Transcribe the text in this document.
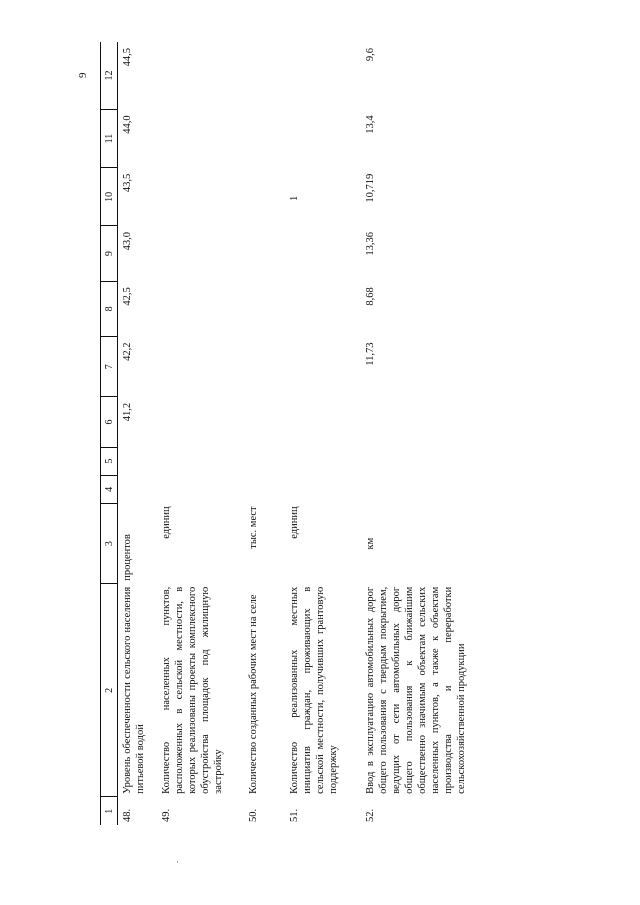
9
·
1	2	3	4	5	6	7	8	9	10	11	12
48.	Уровень обеспеченности сельского населения питьевой водой	процентов			41,2	42,2	42,5	43,0	43,5	44,0	44,5
49.	Количество населенных пунктов, расположенных в сельской местности, в которых реализованы проекты комплексного обустройства площадок под жилищную застройку	единиц									
50.	Количество созданных рабочих мест на селе	тыс. мест									
51.	Количество реализованных местных инициатив граждан, проживающих в сельской местности, получивших грантовую поддержку	единиц							1		
52.	Ввод в эксплуатацию автомобильных дорог общего пользования с твердым покрытием, ведущих от сети автомобильных дорог общего пользования к ближайшим общественно значимым объектам сельских населенных пунктов, а также к объектам производства и переработки сельскохозяйственной продукции	км				11,73	8,68	13,36	10,719	13,4	9,6
